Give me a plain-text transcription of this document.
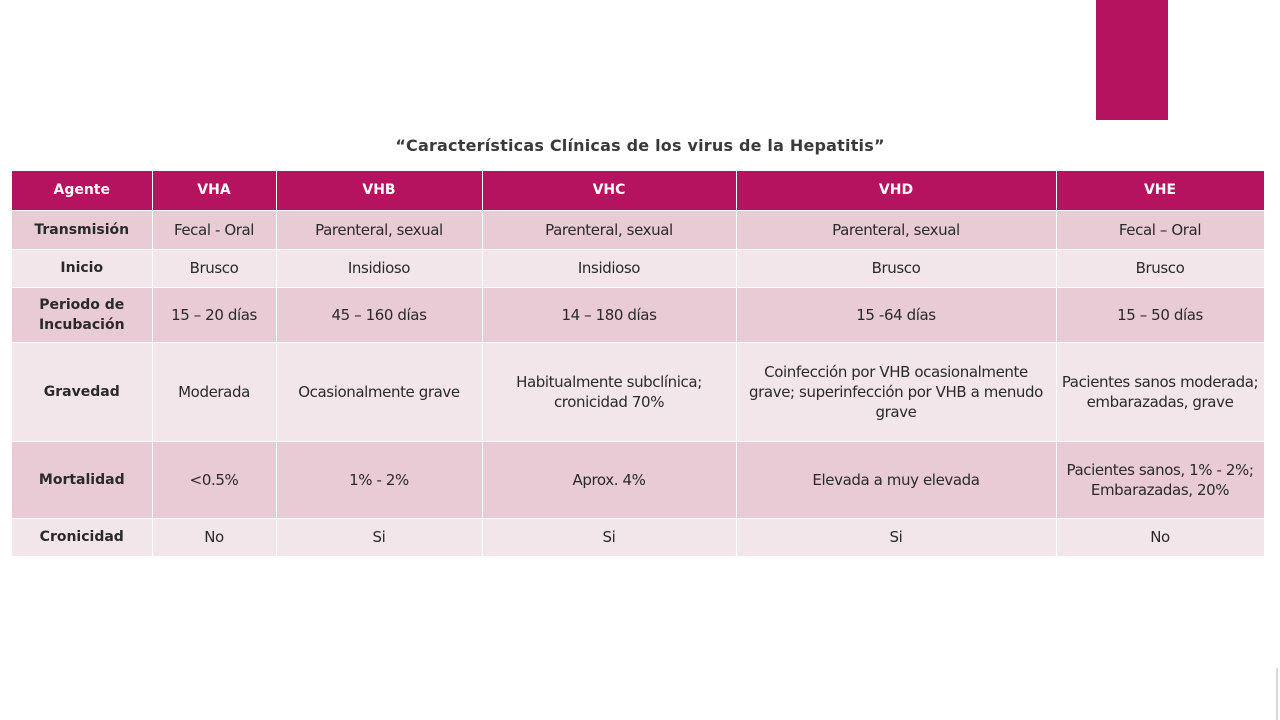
“Características Clínicas de los virus de la Hepatitis”
Agente	VHA	VHB	VHC	VHD	VHE
Transmisión	Fecal - Oral	Parenteral, sexual	Parenteral, sexual	Parenteral, sexual	Fecal – Oral
Inicio	Brusco	Insidioso	Insidioso	Brusco	Brusco
Periodo de Incubación	15 – 20 días	45 – 160 días	14 – 180 días	15 -64 días	15 – 50 días
Gravedad	Moderada	Ocasionalmente grave	Habitualmente subclínica; cronicidad 70%	Coinfección por VHB ocasionalmente grave; superinfección por VHB a menudo grave	Pacientes sanos moderada; embarazadas, grave
Mortalidad	<0.5%	1% - 2%	Aprox. 4%	Elevada a muy elevada	Pacientes sanos, 1% - 2%; Embarazadas, 20%
Cronicidad	No	Si	Si	Si	No
